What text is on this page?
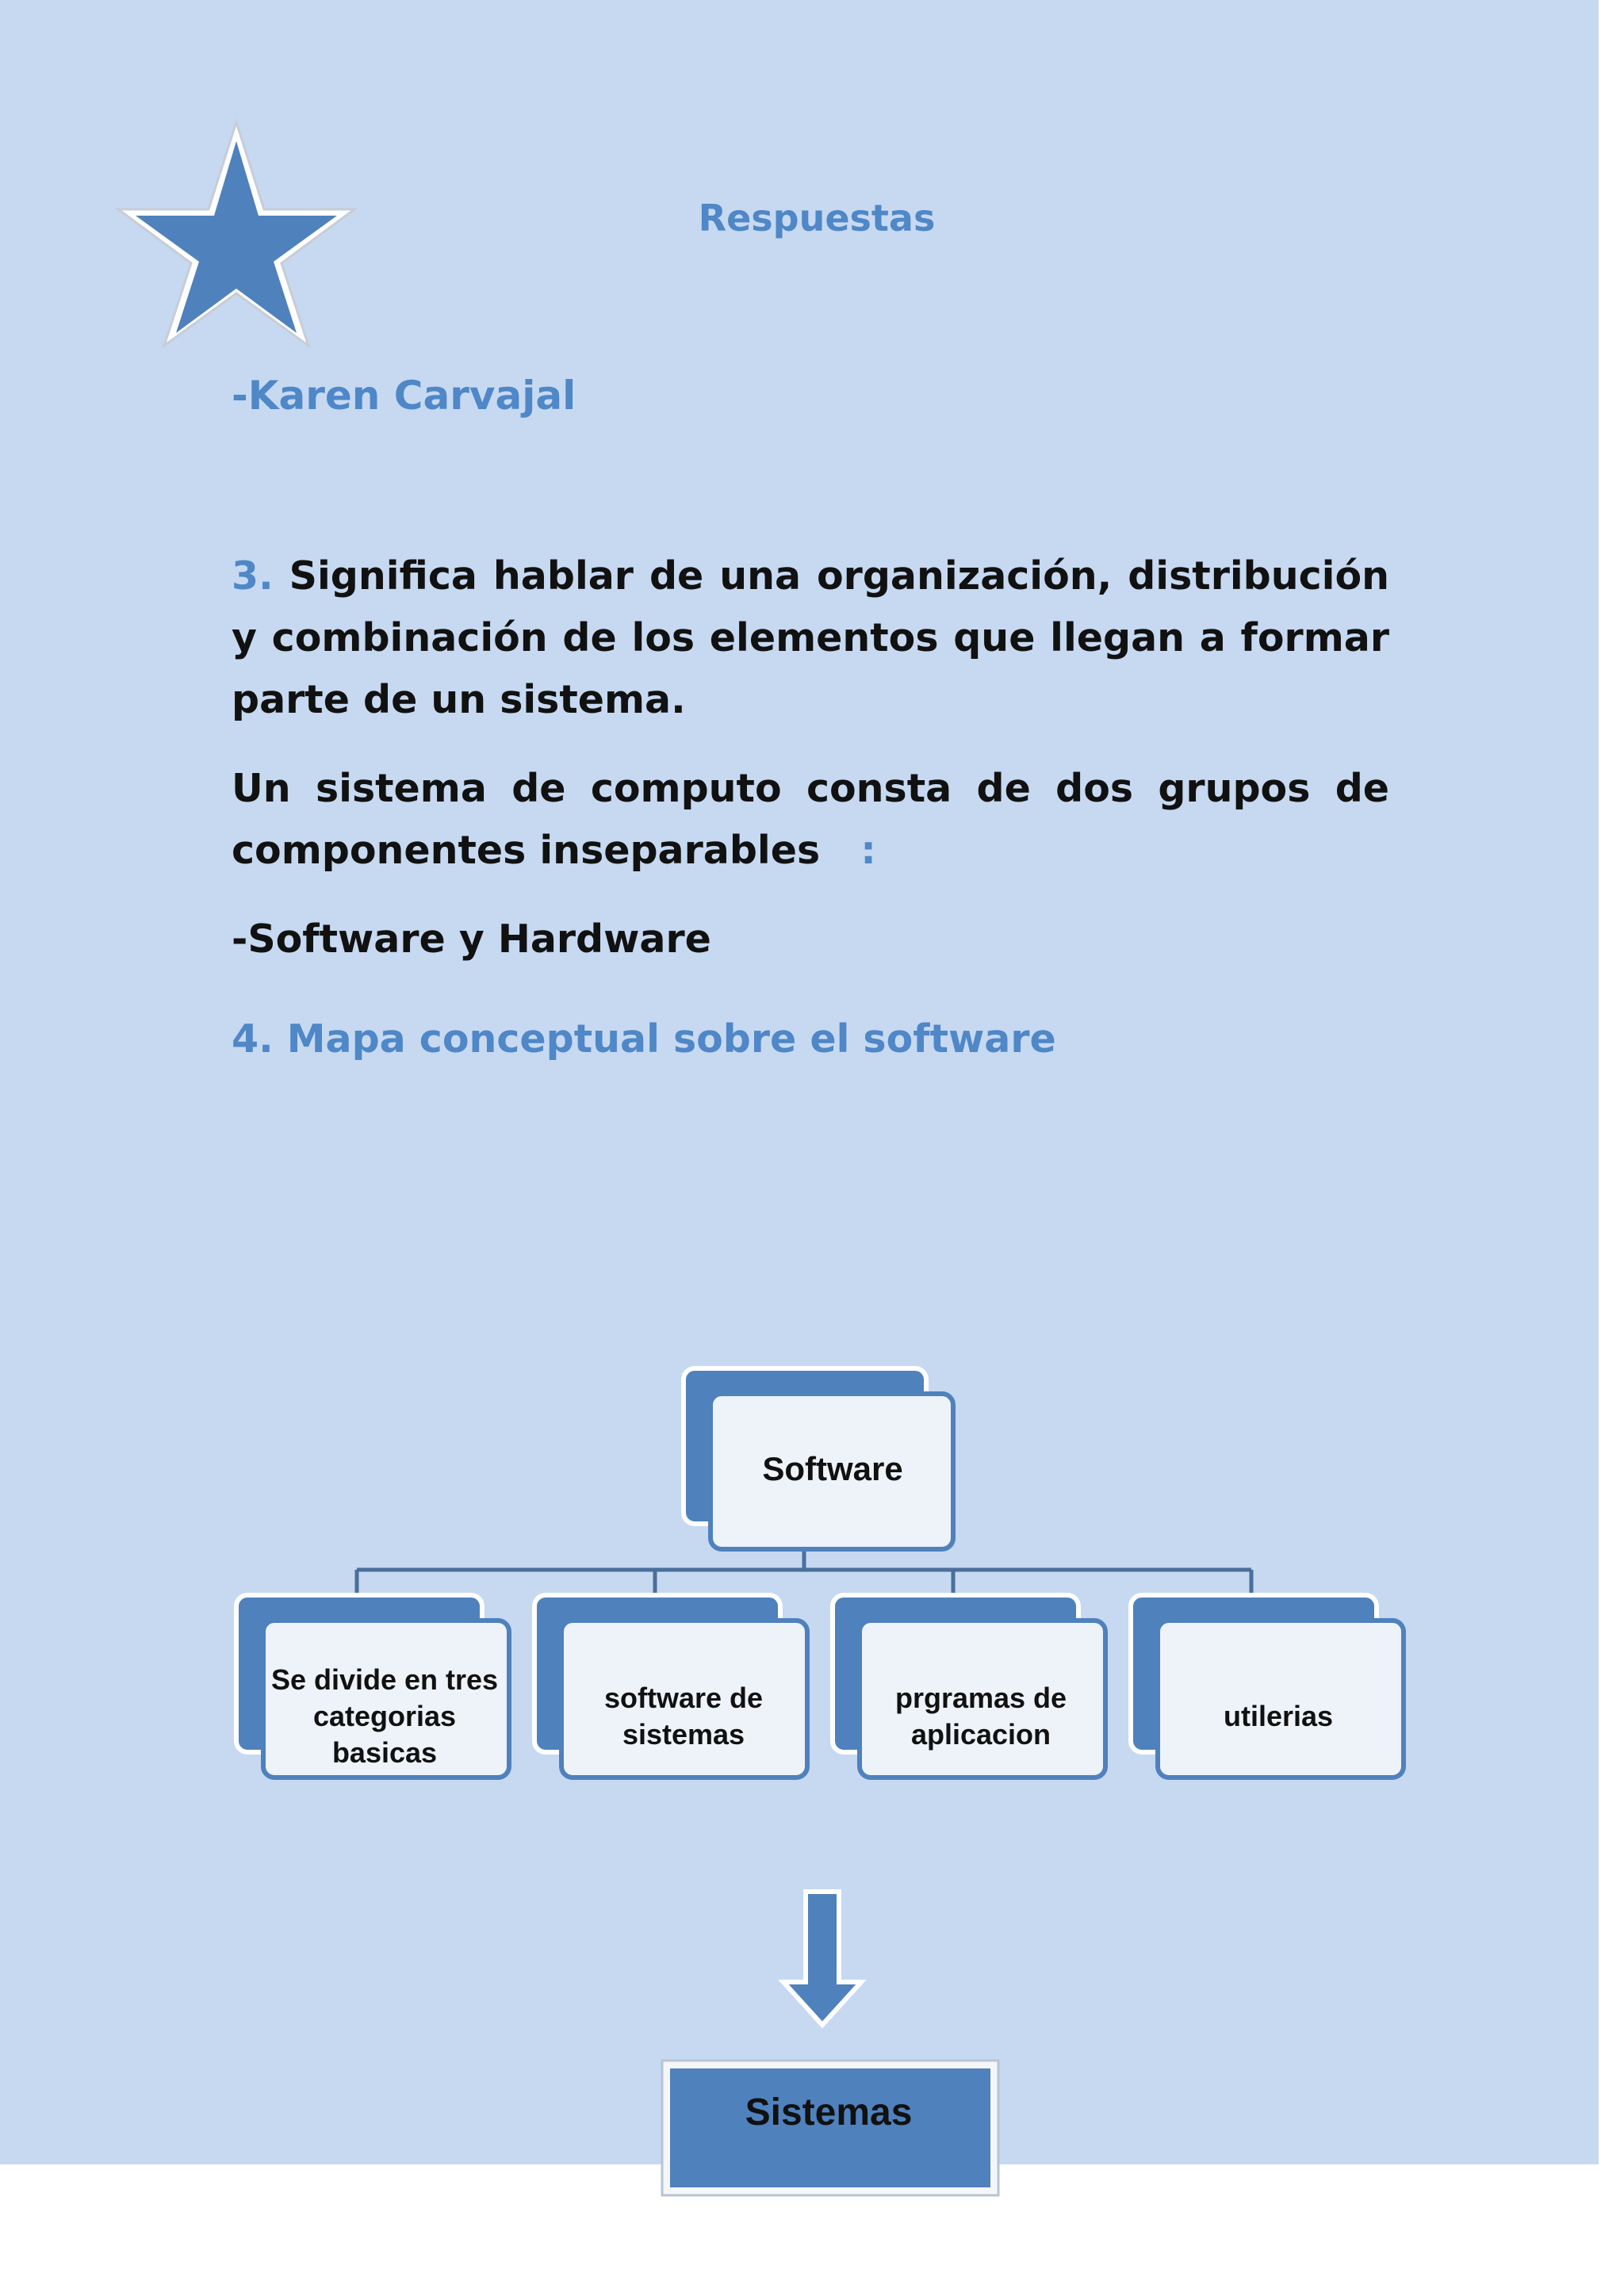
Respuestas
-Karen Carvajal
3. Significa hablar de una organización, distribución y combinación de los elementos que llegan a formar parte de un sistema.
Un sistema de computo consta de dos grupos de componentes inseparables :
-Software y Hardware
4. Mapa conceptual sobre el software
Software
Se divide en tres categorias basicas
software de sistemas
prgramas de aplicacion
utilerias
Sistemas
